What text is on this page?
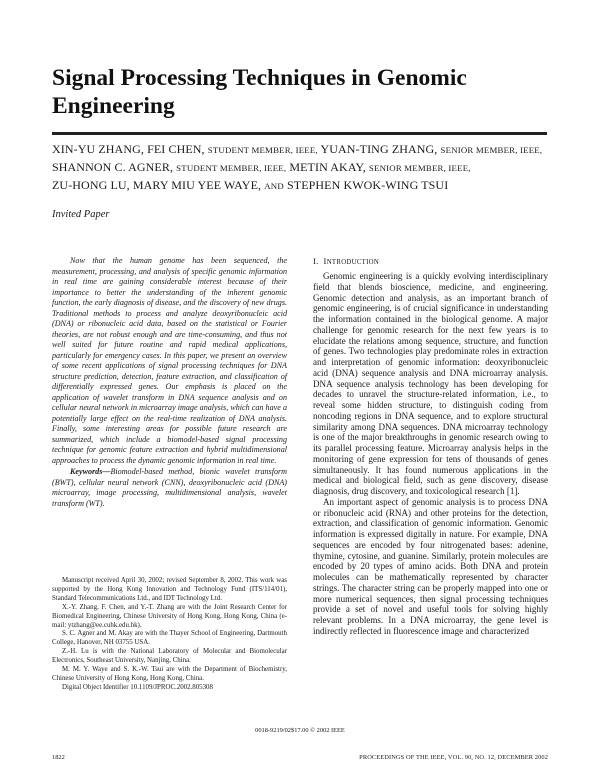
Signal Processing Techniques in Genomic Engineering

XIN-YU ZHANG, FEI CHEN, STUDENT MEMBER, IEEE, YUAN-TING ZHANG, SENIOR MEMBER, IEEE,
SHANNON C. AGNER, STUDENT MEMBER, IEEE, METIN AKAY, SENIOR MEMBER, IEEE,
ZU-HONG LU, MARY MIU YEE WAYE, AND STEPHEN KWOK-WING TSUI

Invited Paper

Now that the human genome has been sequenced, the measurement, processing, and analysis of specific genomic information in real time are gaining considerable interest because of their importance to better the understanding of the inherent genomic function, the early diagnosis of disease, and the discovery of new drugs. Traditional methods to process and analyze deoxyribonucleic acid (DNA) or ribonucleic acid data, based on the statistical or Fourier theories, are not robust enough and are time-consuming, and thus not well suited for future routine and rapid medical applications, particularly for emergency cases. In this paper, we present an overview of some recent applications of signal processing techniques for DNA structure prediction, detection, feature extraction, and classification of differentially expressed genes. Our emphasis is placed on the application of wavelet transform in DNA sequence analysis and on cellular neural network in microarray image analysis, which can have a potentially large effect on the real-time realization of DNA analysis. Finally, some interesting areas for possible future research are summarized, which include a biomodel-based signal processing technique for genomic feature extraction and hybrid multidimensional approaches to process the dynamic genomic information in real time.

Keywords—Biomodel-based method, bionic wavelet transform (BWT), cellular neural network (CNN), deoxyribonucleic acid (DNA) microarray, image processing, multidimensional analysis, wavelet transform (WT).

Manuscript received April 30, 2002; revised September 8, 2002. This work was supported by the Hong Kong Innovation and Technology Fund (ITS/114/01), Standard Telecommunications Ltd., and IDT Technology Ltd.

X.-Y. Zhang, F. Chen, and Y.-T. Zhang are with the Joint Research Center for Biomedical Engineering, Chinese University of Hong Kong, Hong Kong, China (e-mail: ytzhang@ee.cuhk.edu.hk).

S. C. Agner and M. Akay are with the Thayer School of Engineering, Dartmouth College, Hanover, NH 03755 USA.

Z.-H. Lu is with the National Laboratory of Molecular and Biomolecular Electronics, Southeast University, Nanjing, China.

M. M. Y. Waye and S. K.-W. Tsui are with the Department of Biochemistry, Chinese University of Hong Kong, Hong Kong, China.

Digital Object Identifier 10.1109/JPROC.2002.805308

I. INTRODUCTION

Genomic engineering is a quickly evolving interdisciplinary field that blends bioscience, medicine, and engineering. Genomic detection and analysis, as an important branch of genomic engineering, is of crucial significance in understanding the information contained in the biological genome. A major challenge for genomic research for the next few years is to elucidate the relations among sequence, structure, and function of genes. Two technologies play predominate roles in extraction and interpretation of genomic information: deoxyribonucleic acid (DNA) sequence analysis and DNA microarray analysis. DNA sequence analysis technology has been developing for decades to unravel the structure-related information, i.e., to reveal some hidden structure, to distinguish coding from noncoding regions in DNA sequence, and to explore structural similarity among DNA sequences. DNA microarray technology is one of the major breakthroughs in genomic research owing to its parallel processing feature. Microarray analysis helps in the monitoring of gene expression for tens of thousands of genes simultaneously. It has found numerous applications in the medical and biological field, such as gene discovery, disease diagnosis, drug discovery, and toxicological research [1].

An important aspect of genomic analysis is to process DNA or ribonucleic acid (RNA) and other proteins for the detection, extraction, and classification of genomic information. Genomic information is expressed digitally in nature. For example, DNA sequences are encoded by four nitrogenated bases: adenine, thymine, cytosine, and guanine. Similarly, protein molecules are encoded by 20 types of amino acids. Both DNA and protein molecules can be mathematically represented by character strings. The character string can be properly mapped into one or more numerical sequences, then signal processing techniques provide a set of novel and useful tools for solving highly relevant problems. In a DNA microarray, the gene level is indirectly reflected in fluorescence image and characterized

0018-9219/02$17.00 © 2002 IEEE

1822	PROCEEDINGS OF THE IEEE, VOL. 90, NO. 12, DECEMBER 2002
